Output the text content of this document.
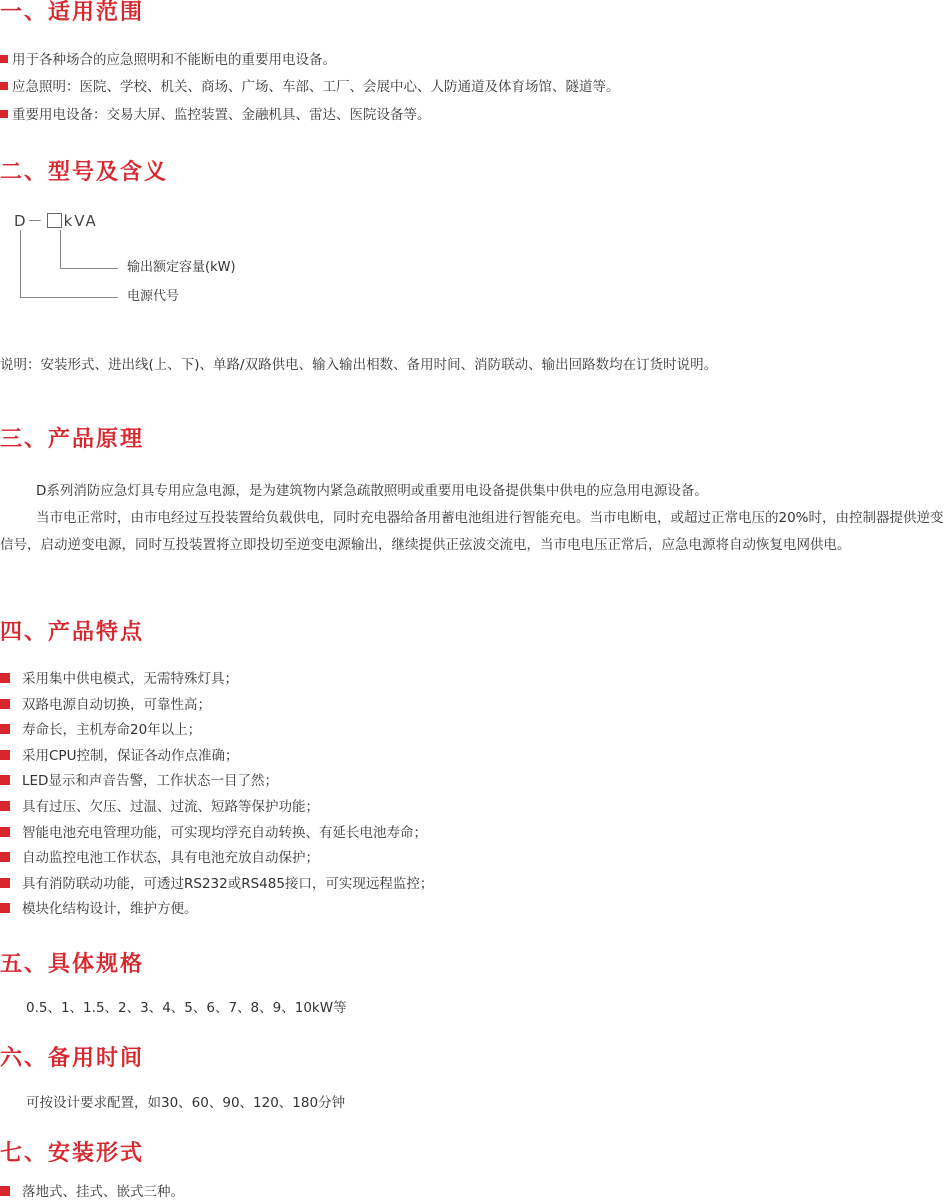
一、适用范围
用于各种场合的应急照明和不能断电的重要用电设备。
应急照明：医院、学校、机关、商场、广场、车部、工厂、会展中心、人防通道及体育场馆、隧道等。
重要用电设备：交易大屏、监控装置、金融机具、雷达、医院设备等。
二、型号及含义
D－ kVA
输出额定容量(kW)
电源代号
说明：安装形式、进出线(上、下)、单路/双路供电、输入输出相数、备用时间、消防联动、输出回路数均在订货时说明。
三、产品原理

D系列消防应急灯具专用应急电源，是为建筑物内紧急疏散照明或重要用电设备提供集中供电的应急用电源设备。

当市电正常时，由市电经过互投装置给负载供电，同时充电器给备用蓄电池组进行智能充电。当市电断电，或超过正常电压的20%时，由控制器提供逆变信号，启动逆变电源，同时互投装置将立即投切至逆变电源输出，继续提供正弦波交流电，当市电电压正常后，应急电源将自动恢复电网供电。

四、产品特点
采用集中供电模式，无需特殊灯具；
双路电源自动切换，可靠性高；
寿命长，主机寿命20年以上；
采用CPU控制，保证各动作点准确；
LED显示和声音告警，工作状态一目了然；
具有过压、欠压、过温、过流、短路等保护功能；
智能电池充电管理功能，可实现均浮充自动转换、有延长电池寿命；
自动监控电池工作状态，具有电池充放自动保护；
具有消防联动功能，可透过RS232或RS485接口，可实现远程监控；
模块化结构设计，维护方便。
五、具体规格
0.5、1、1.5、2、3、4、5、6、7、8、9、10kW等
六、备用时间
可按设计要求配置，如30、60、90、120、180分钟
七、安装形式
落地式、挂式、嵌式三种。
